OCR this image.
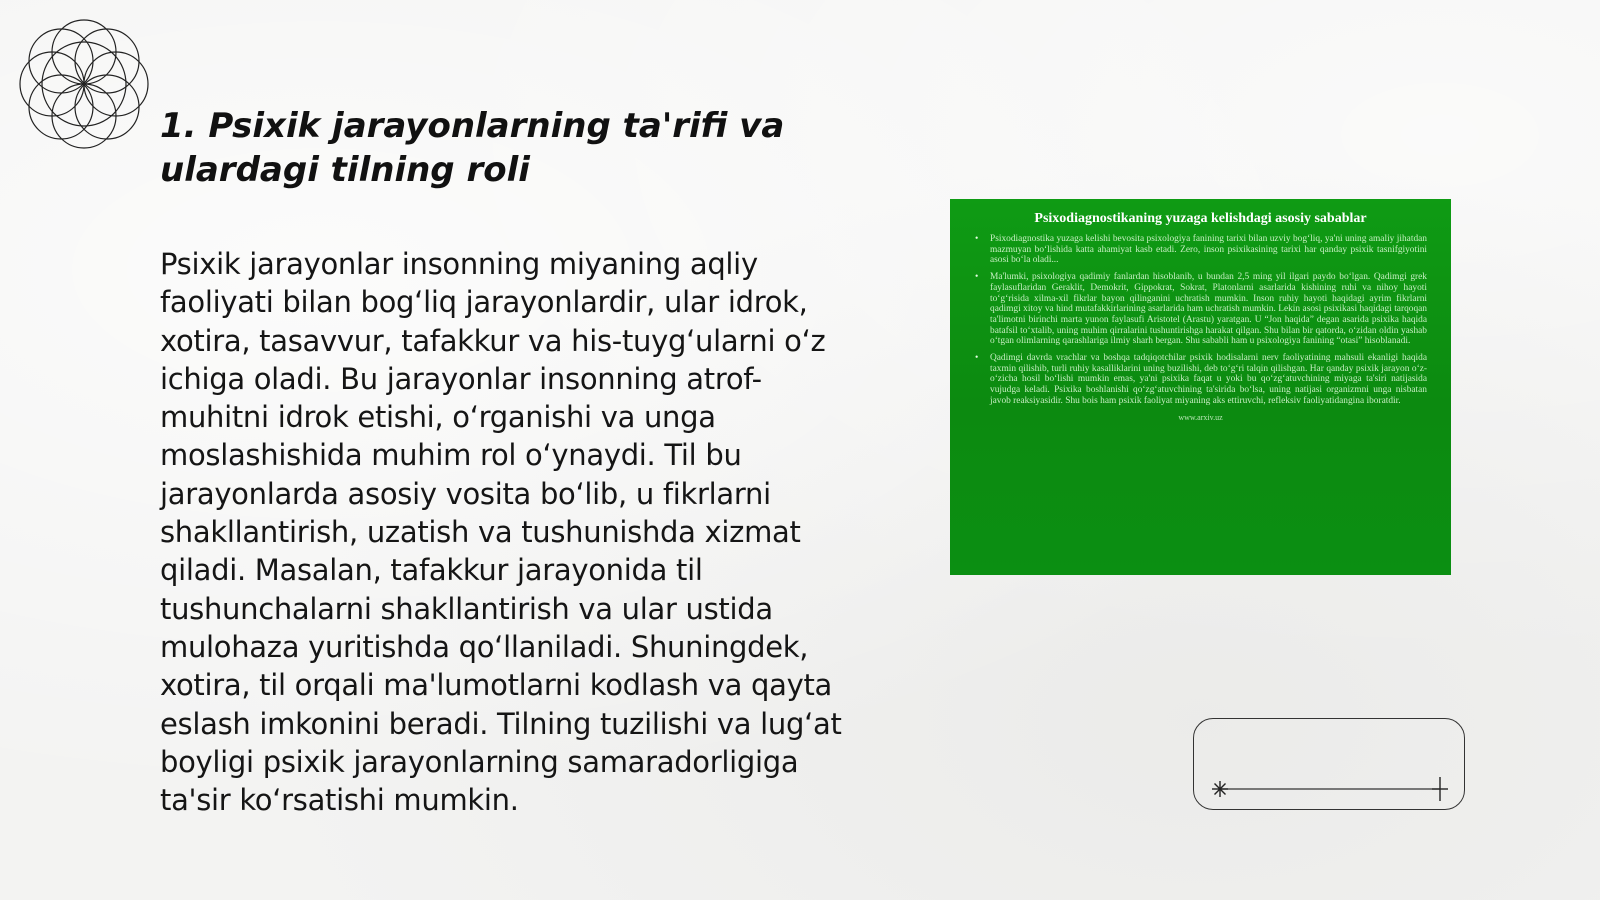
1. Psixik jarayonlarning ta'rifi va ulardagi tilning roli

Psixik jarayonlar insonning miyaning aqliy faoliyati bilan bog‘liq jarayonlardir, ular idrok, xotira, tasavvur, tafakkur va his-tuyg‘ularni o‘z ichiga oladi. Bu jarayonlar insonning atrof-muhitni idrok etishi, o‘rganishi va unga moslashishida muhim rol o‘ynaydi. Til bu jarayonlarda asosiy vosita bo‘lib, u fikrlarni shakllantirish, uzatish va tushunishda xizmat qiladi. Masalan, tafakkur jarayonida til tushunchalarni shakllantirish va ular ustida mulohaza yuritishda qo‘llaniladi. Shuningdek, xotira, til orqali ma'lumotlarni kodlash va qayta eslash imkonini beradi. Tilning tuzilishi va lug‘at boyligi psixik jarayonlarning samaradorligiga ta'sir ko‘rsatishi mumkin.

Psixodiagnostikaning yuzaga kelishdagi asosiy sabablar
• Psixodiagnostika yuzaga kelishi bevosita psixologiya fanining tarixi bilan uzviy bog‘liq, ya'ni uning amaliy jihatdan mazmuyan bo‘lishida katta ahamiyat kasb etadi. Zero, inson psixikasining tarixi har qanday psixik tasnifgiyotini asosi bo‘la oladi...
• Ma'lumki, psixologiya qadimiy fanlardan hisoblanib, u bundan 2,5 ming yil ilgari paydo bo‘lgan. Qadimgi grek faylasuflaridan Geraklit, Demokrit, Gippokrat, Sokrat, Platonlarni asarlarida kishining ruhi va nihoy hayoti to‘g‘risida xilma-xil fikrlar bayon qilinganini uchratish mumkin. Inson ruhiy hayoti haqidagi ayrim fikrlarni qadimgi xitoy va hind mutafakkirlarining asarlarida ham uchratish mumkin. Lekin asosi psixikasi haqidagi tarqoqan ta'limotni birinchi marta yunon faylasufi Aristotel (Arastu) yaratgan. U “Jon haqida” degan asarida psixika haqida batafsil to‘xtalib, uning muhim qirralarini tushuntirishga harakat qilgan. Shu bilan bir qatorda, o‘zidan oldin yashab o‘tgan olimlarning qarashlariga ilmiy sharh bergan. Shu sababli ham u psixologiya fanining “otasi” hisoblanadi.
• Qadimgi davrda vrachlar va boshqa tadqiqotchilar psixik hodisalarni nerv faoliyatining mahsuli ekanligi haqida taxmin qilishib, turli ruhiy kasalliklarini uning buzilishi, deb to‘g‘ri talqin qilishgan. Har qanday psixik jarayon o‘z-o‘zicha hosil bo‘lishi mumkin emas, ya'ni psixika faqat u yoki bu qo‘zg‘atuvchining miyaga ta'siri natijasida vujudga keladi. Psixika boshlanishi qo‘zg‘atuvchining ta'sirida bo‘lsa, uning natijasi organizmni unga nisbatan javob reaksiyasidir. Shu bois ham psixik faoliyat miyaning aks ettiruvchi, refleksiv faoliyatidangina iboratdir.
www.arxiv.uz
